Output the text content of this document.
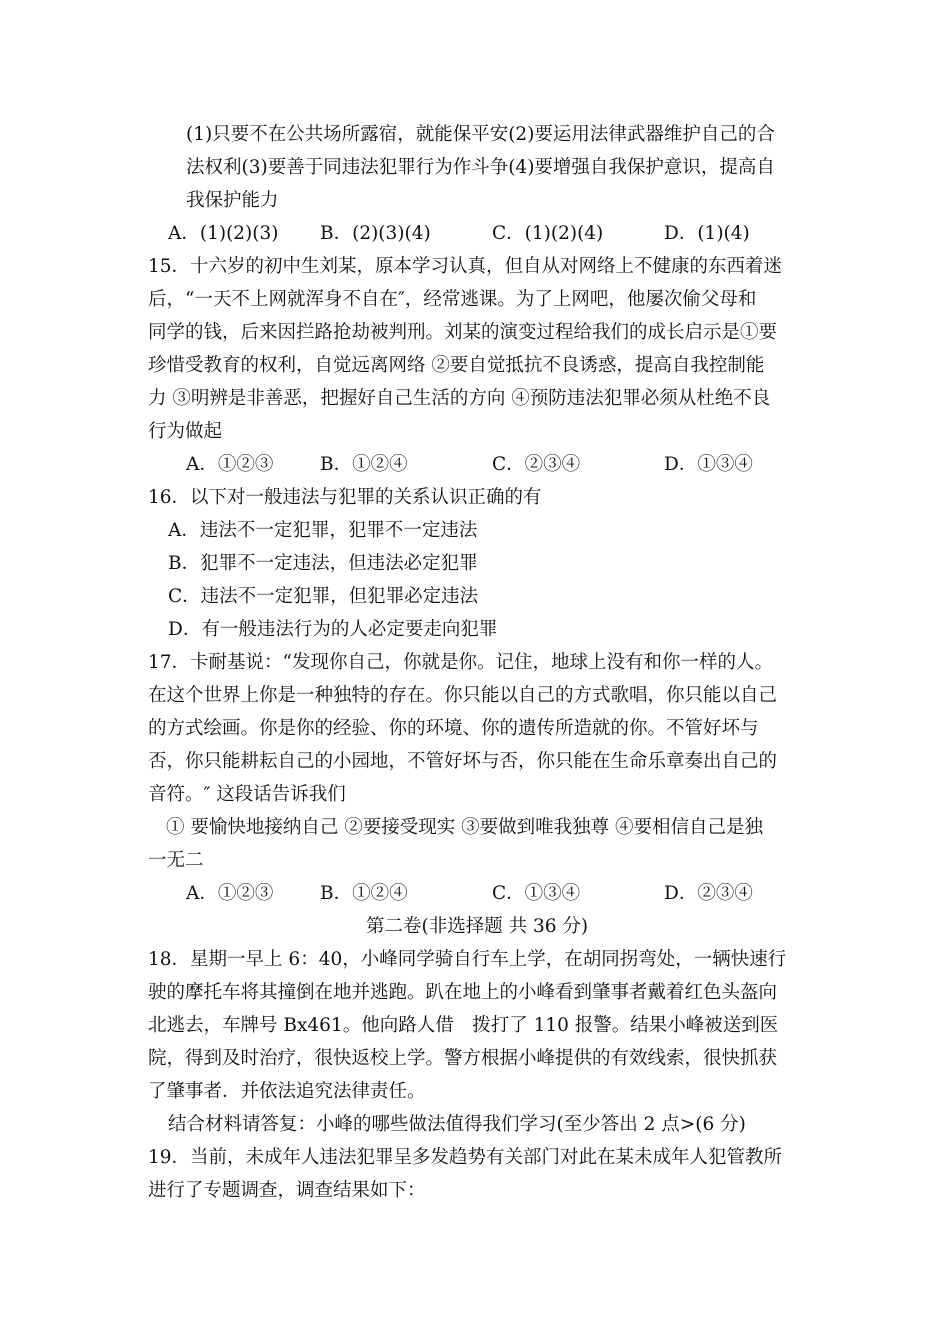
(1)只要不在公共场所露宿，就能保平安(2)要运用法律武器维护自己的合
法权利(3)要善于同违法犯罪行为作斗争(4)要增强自我保护意识，提高自
我保护能力
A．(1)(2)(3) B．(2)(3)(4)	C．(1)(2)(4)	D．(1)(4)
15．十六岁的初中生刘某，原本学习认真，但自从对网络上不健康的东西着迷
后，“一天不上网就浑身不自在″，经常逃课。为了上网吧，他屡次偷父母和
同学的钱，后来因拦路抢劫被判刑。刘某的演变过程给我们的成长启示是①要
珍惜受教育的权利，自觉远离网络 ②要自觉抵抗不良诱惑，提高自我控制能
力 ③明辨是非善恶，把握好自己生活的方向 ④预防违法犯罪必须从杜绝不良
行为做起
A．①②③	B．①②④	C．②③④	D．①③④
16．以下对一般违法与犯罪的关系认识正确的有
A．违法不一定犯罪，犯罪不一定违法
B．犯罪不一定违法，但违法必定犯罪
C．违法不一定犯罪，但犯罪必定违法
D．有一般违法行为的人必定要走向犯罪
17．卡耐基说：“发现你自己，你就是你。记住，地球上没有和你一样的人。
在这个世界上你是一种独特的存在。你只能以自己的方式歌唱，你只能以自己
的方式绘画。你是你的经验、你的环境、你的遗传所造就的你。不管好坏与
否，你只能耕耘自己的小园地，不管好坏与否，你只能在生命乐章奏出自己的
音符。″ 这段话告诉我们
① 要愉快地接纳自己 ②要接受现实 ③要做到唯我独尊 ④要相信自己是独
一无二
A．①②③	B．①②④	C．①③④	D．②③④
第二卷(非选择题 共 36 分)
18．星期一早上 6：40，小峰同学骑自行车上学，在胡同拐弯处，一辆快速行
驶的摩托车将其撞倒在地并逃跑。趴在地上的小峰看到肇事者戴着红色头盔向
北逃去，车牌号 Bx461。他向路人借　拨打了 110 报警。结果小峰被送到医
院，得到及时治疗，很快返校上学。警方根据小峰提供的有效线索，很快抓获
了肇事者．并依法追究法律责任。
结合材料请答复：小峰的哪些做法值得我们学习(至少答出 2 点>(6 分)
19．当前，未成年人违法犯罪呈多发趋势有关部门对此在某未成年人犯管教所
进行了专题调查，调查结果如下：
